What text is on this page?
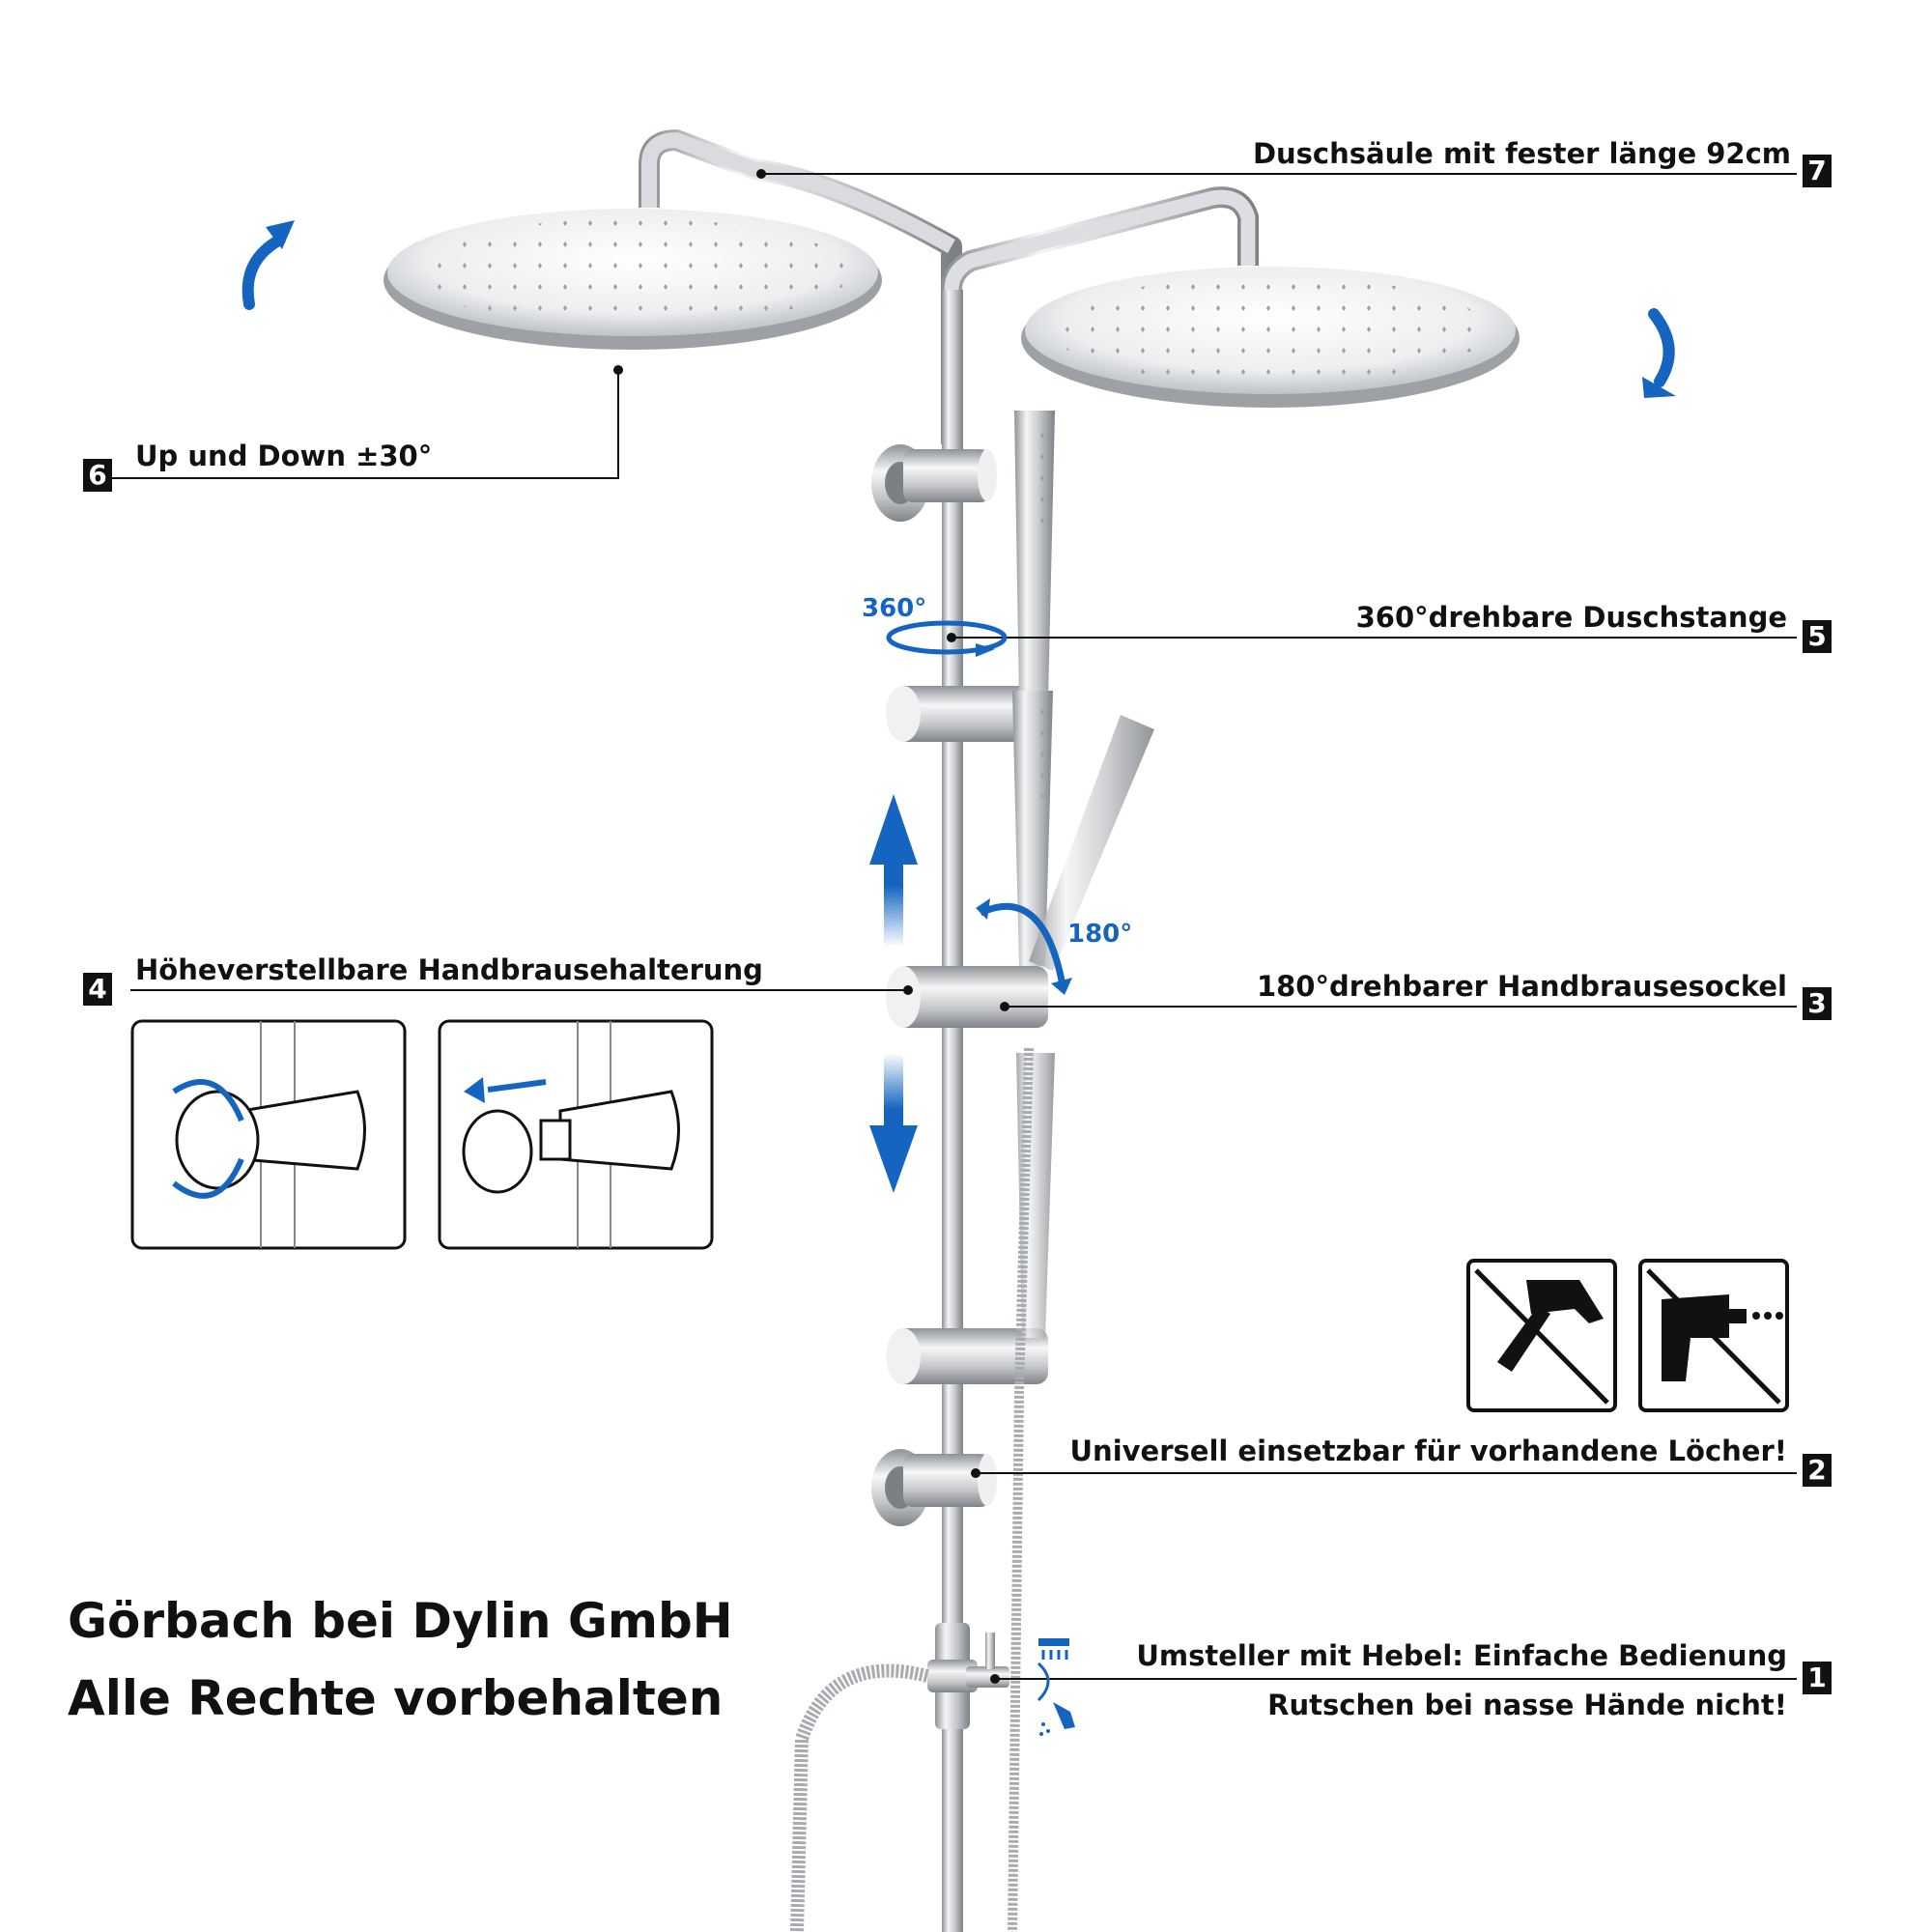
Duschsäule mit fester länge 92cm
7
Up und Down ±30°
6
360°drehbare Duschstange
5
Höheverstellbare Handbrausehalterung
4	180°drehbarer Handbrausesockel
3
Universell einsetzbar für vorhandene Löcher!
2
Umsteller mit Hebel: Einfache Bedienung
Rutschen bei nasse Hände nicht!
1
360°
180°
Görbach bei Dylin GmbH
Alle Rechte vorbehalten
